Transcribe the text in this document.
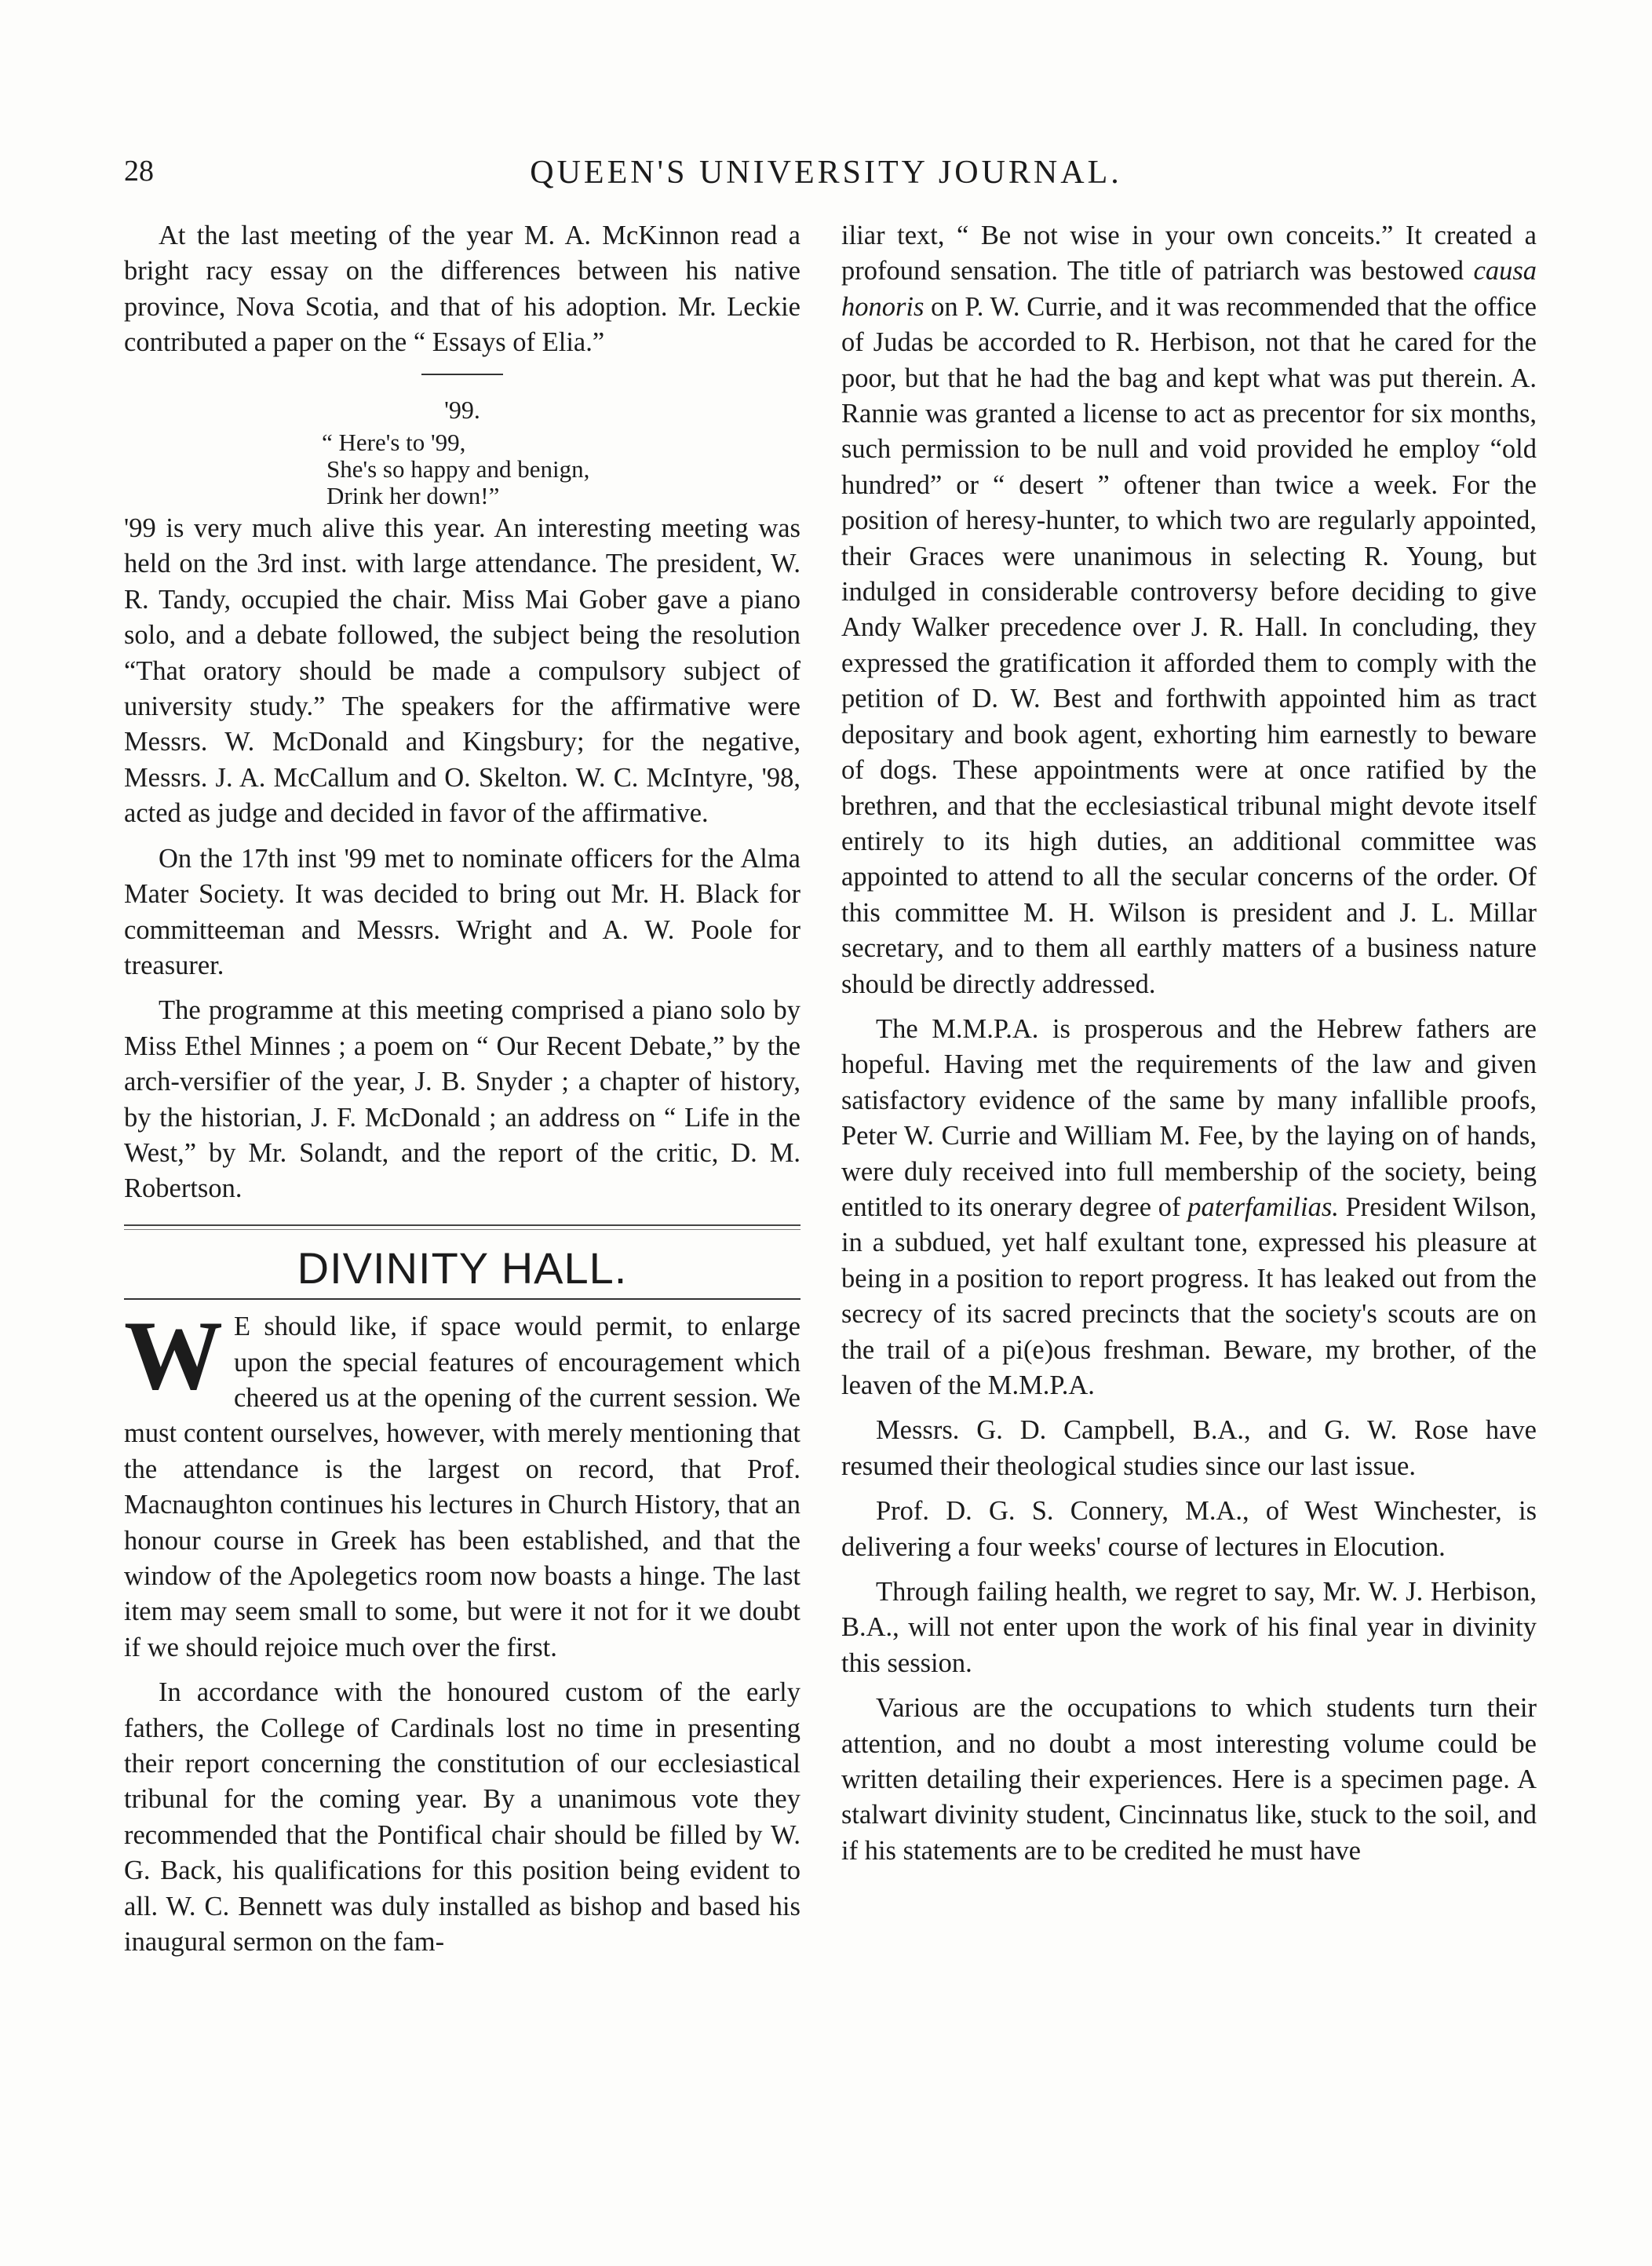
28	QUEEN'S UNIVERSITY JOURNAL.

At the last meeting of the year M. A. McKinnon read a bright racy essay on the differences between his native province, Nova Scotia, and that of his adoption. Mr. Leckie contributed a paper on the “ Essays of Elia.”

'99.
“ Here's to '99,
She's so happy and benign,
Drink her down!”

'99 is very much alive this year. An interesting meeting was held on the 3rd inst. with large attendance. The president, W. R. Tandy, occupied the chair. Miss Mai Gober gave a piano solo, and a debate followed, the subject being the resolution “That oratory should be made a compulsory subject of university study.” The speakers for the affirmative were Messrs. W. McDonald and Kingsbury; for the negative, Messrs. J. A. McCallum and O. Skelton. W. C. McIntyre, '98, acted as judge and decided in favor of the affirmative.

On the 17th inst '99 met to nominate officers for the Alma Mater Society. It was decided to bring out Mr. H. Black for committeeman and Messrs. Wright and A. W. Poole for treasurer.

The programme at this meeting comprised a piano solo by Miss Ethel Minnes ; a poem on “ Our Recent Debate,” by the arch-versifier of the year, J. B. Snyder ; a chapter of history, by the historian, J. F. McDonald ; an address on “ Life in the West,” by Mr. Solandt, and the report of the critic, D. M. Robertson.

DIVINITY HALL.

W E should like, if space would permit, to enlarge upon the special features of encouragement which cheered us at the opening of the current session. We must content ourselves, however, with merely mentioning that the attendance is the largest on record, that Prof. Macnaughton continues his lectures in Church History, that an honour course in Greek has been established, and that the window of the Apolegetics room now boasts a hinge. The last item may seem small to some, but were it not for it we doubt if we should rejoice much over the first.

In accordance with the honoured custom of the early fathers, the College of Cardinals lost no time in presenting their report concerning the constitution of our ecclesiastical tribunal for the coming year. By a unanimous vote they recommended that the Pontifical chair should be filled by W. G. Back, his qualifications for this position being evident to all. W. C. Bennett was duly installed as bishop and based his inaugural sermon on the fam-

iliar text, “ Be not wise in your own conceits.” It created a profound sensation. The title of patriarch was bestowed causa honoris on P. W. Currie, and it was recommended that the office of Judas be accorded to R. Herbison, not that he cared for the poor, but that he had the bag and kept what was put therein. A. Rannie was granted a license to act as precentor for six months, such permission to be null and void provided he employ “old hundred” or “ desert ” oftener than twice a week. For the position of heresy-hunter, to which two are regularly appointed, their Graces were unanimous in selecting R. Young, but indulged in considerable controversy before deciding to give Andy Walker precedence over J. R. Hall. In concluding, they expressed the gratification it afforded them to comply with the petition of D. W. Best and forthwith appointed him as tract depositary and book agent, exhorting him earnestly to beware of dogs. These appointments were at once ratified by the brethren, and that the ecclesiastical tribunal might devote itself entirely to its high duties, an additional committee was appointed to attend to all the secular concerns of the order. Of this committee M. H. Wilson is president and J. L. Millar secretary, and to them all earthly matters of a business nature should be directly addressed.

The M.M.P.A. is prosperous and the Hebrew fathers are hopeful. Having met the requirements of the law and given satisfactory evidence of the same by many infallible proofs, Peter W. Currie and William M. Fee, by the laying on of hands, were duly received into full membership of the society, being entitled to its onerary degree of paterfamilias. President Wilson, in a subdued, yet half exultant tone, expressed his pleasure at being in a position to report progress. It has leaked out from the secrecy of its sacred precincts that the society's scouts are on the trail of a pi(e)ous freshman. Beware, my brother, of the leaven of the M.M.P.A.

Messrs. G. D. Campbell, B.A., and G. W. Rose have resumed their theological studies since our last issue.

Prof. D. G. S. Connery, M.A., of West Winchester, is delivering a four weeks' course of lectures in Elocution.

Through failing health, we regret to say, Mr. W. J. Herbison, B.A., will not enter upon the work of his final year in divinity this session.

Various are the occupations to which students turn their attention, and no doubt a most interesting volume could be written detailing their experiences. Here is a specimen page. A stalwart divinity student, Cincinnatus like, stuck to the soil, and if his statements are to be credited he must have
